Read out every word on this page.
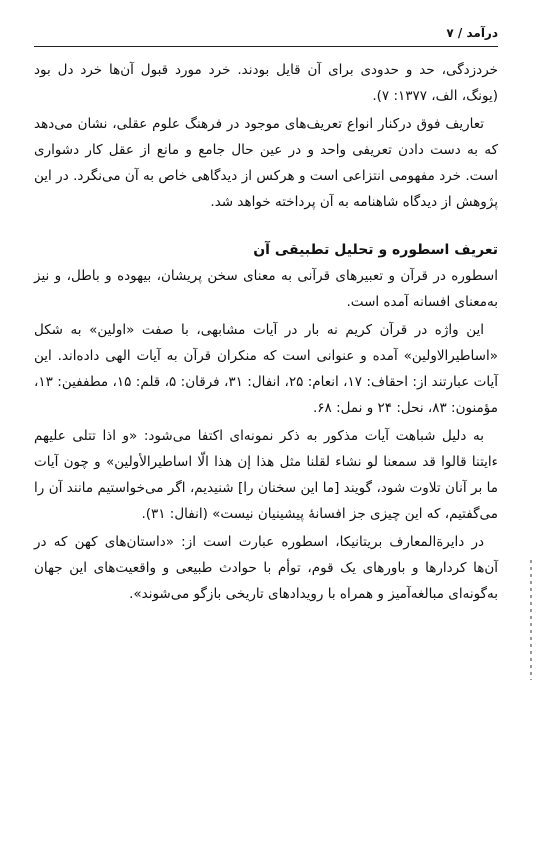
درآمد / ۷

خردزدگی، حد و حدودی برای آن قایل بودند. خرد مورد قبول آن‌ها خرد دل بود (یونگ، الف، ۱۳۷۷: ۷).

تعاریف فوق درکنار انواع تعریف‌های موجود در فرهنگ علوم عقلی، نشان می‌دهد که به دست دادن تعریفی واحد و در عین حال جامع و مانع از عقل کار دشواری است. خرد مفهومی انتزاعی است و هرکس از دیدگاهی خاص به آن می‌نگرد. در این پژوهش از دیدگاه شاهنامه به آن پرداخته خواهد شد.

تعریف اسطوره و تحلیل تطبیقی آن

اسطوره در قرآن و تعبیرهای قرآنی به معنای سخن پریشان، بیهوده و باطل، و نیز به‌معنای افسانه آمده است.

این واژه در قرآن کریم نه بار در آیات مشابهی، با صفت «اولین» به شکل «اساطیرالاولین» آمده و عنوانی است که منکران قرآن به آیات الهی داده‌اند. این آیات عبارتند از: احقاف: ۱۷، انعام: ۲۵، انفال: ۳۱، فرقان: ۵، قلم: ۱۵، مطففین: ۱۳، مؤمنون: ۸۳، نحل: ۲۴ و نمل: ۶۸.

به دلیل شباهت آیات مذکور به ذکر نمونه‌ای اکتفا می‌شود: «و اذا تتلی علیهم ءایتنا قالوا قد سمعنا لو نشاء لقلنا مثل هذا إن هذا الّا اساطیرالأولین» و چون آیات ما بر آنان تلاوت شود، گویند [ما این سخنان را] شنیدیم، اگر می‌خواستیم مانند آن را می‌گفتیم، که این چیزی جز افسانهٔ پیشینیان نیست» (انفال: ۳۱).

در دایرةالمعارف بریتانیکا، اسطوره عبارت است از: «داستان‌های کهن که در آن‌ها کردارها و باورهای یک قوم، توأم با حوادث طبیعی و واقعیت‌های این جهان به‌گونه‌ای مبالغه‌آمیز و همراه با رویدادهای تاریخی بازگو می‌شوند».
